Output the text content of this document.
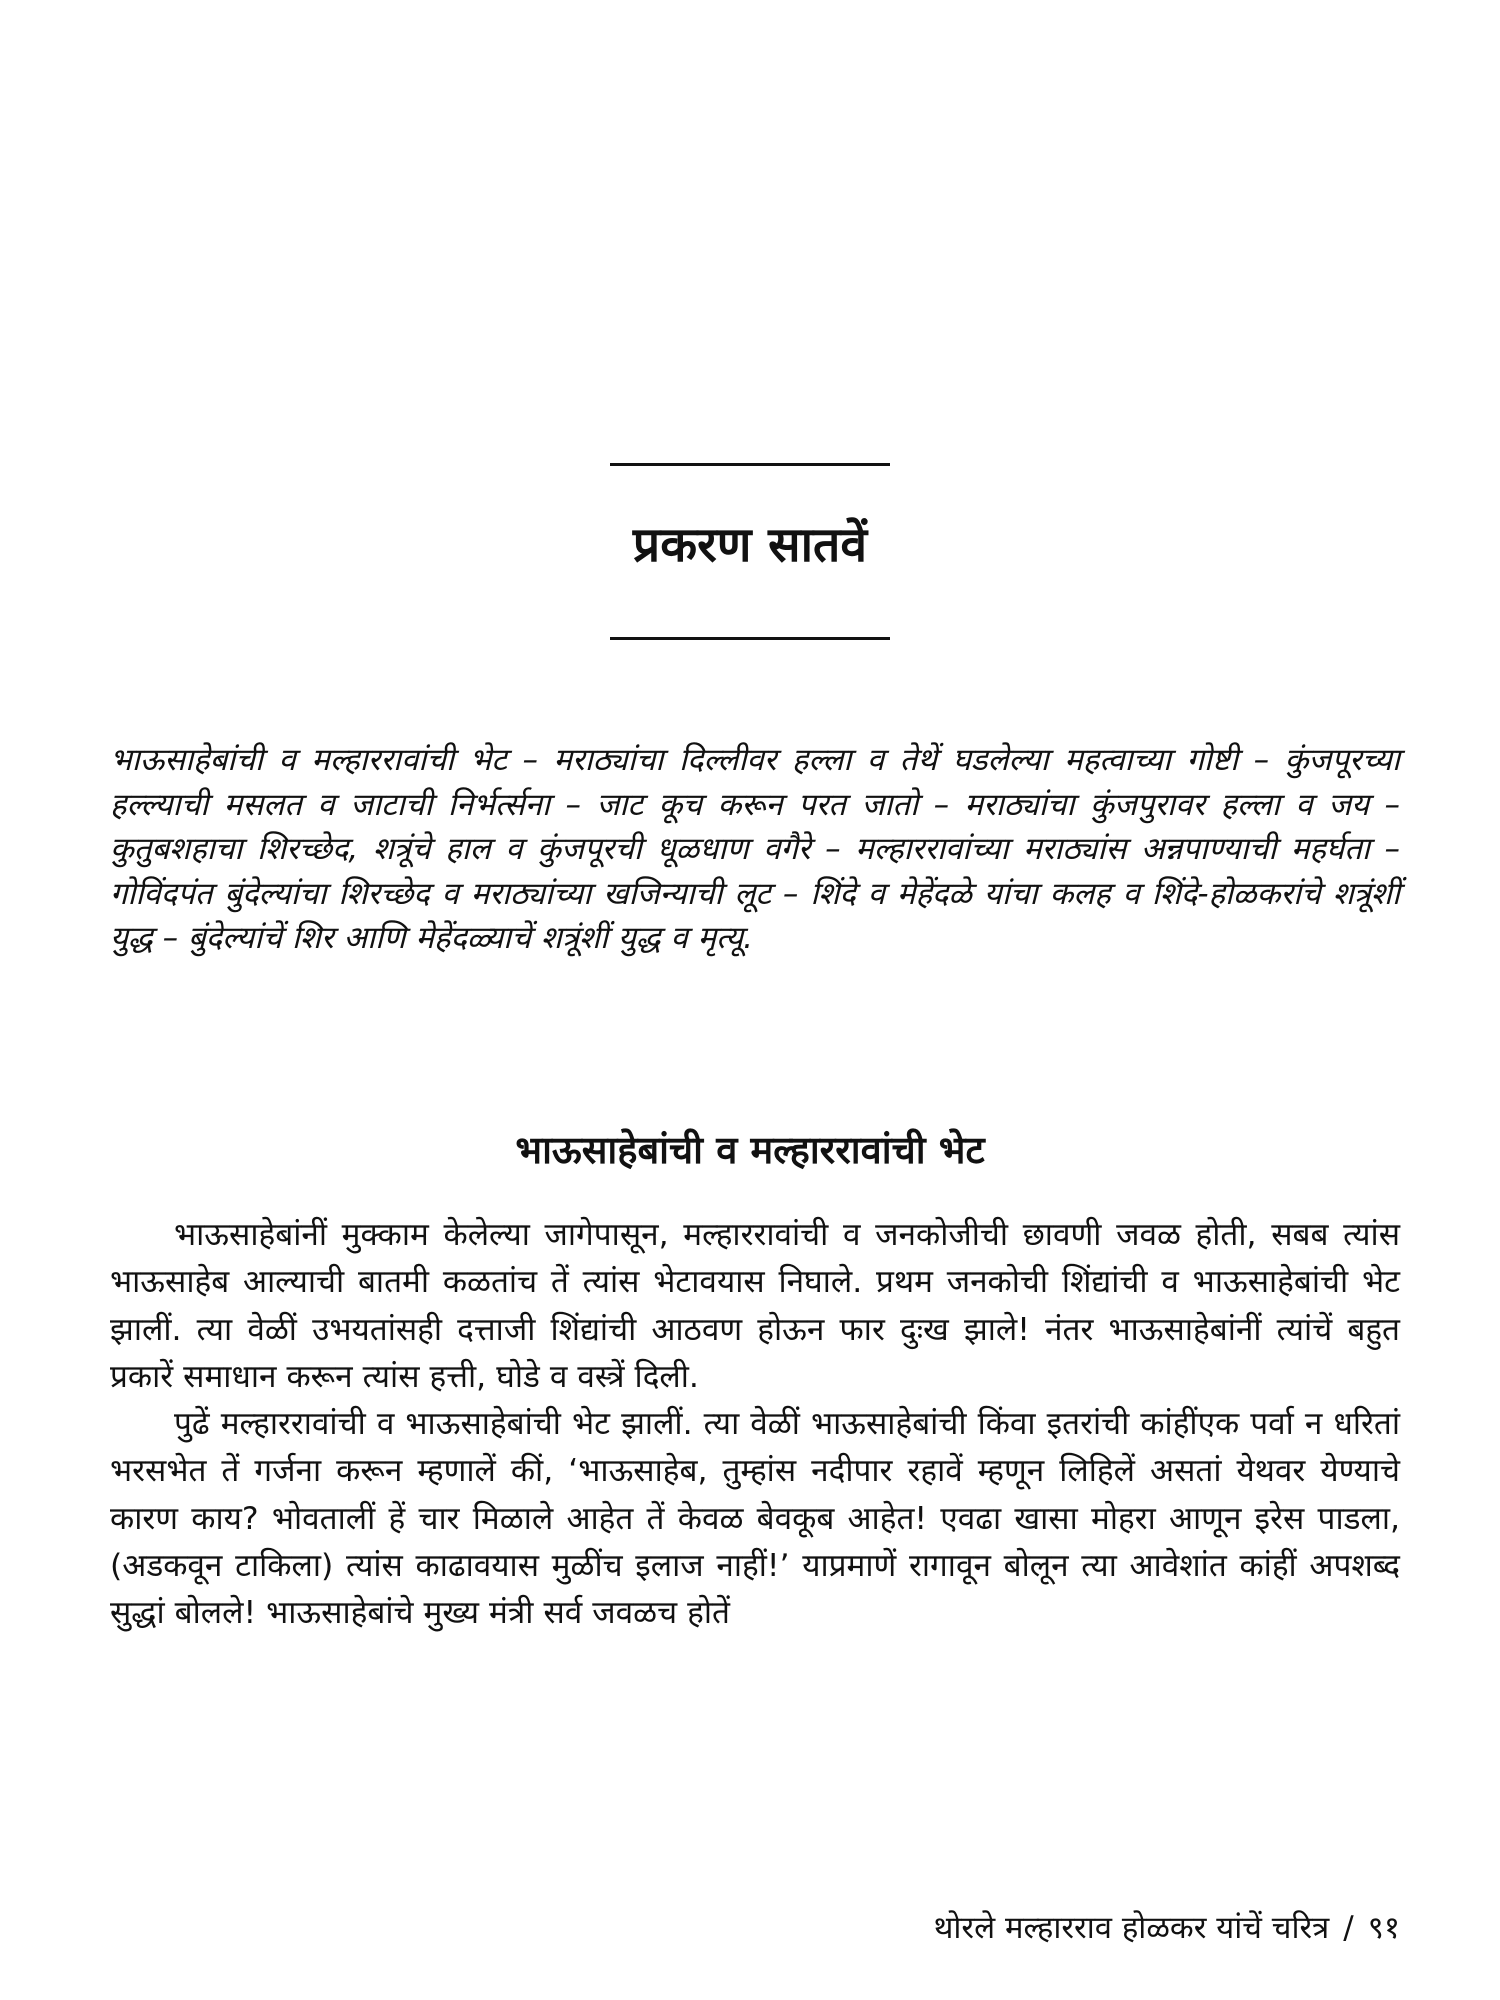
प्रकरण सातवें

भाऊसाहेबांची व मल्हाररावांची भेट – मराठ्यांचा दिल्लीवर हल्ला व तेथें घडलेल्या महत्वाच्या गोष्टी – कुंजपूरच्या हल्ल्याची मसलत व जाटाची निर्भर्त्सना – जाट कूच करून परत जातो – मराठ्यांचा कुंजपुरावर हल्ला व जय – कुतुबशहाचा शिरच्छेद, शत्रूंचे हाल व कुंजपूरची धूळधाण वगैरे – मल्हाररावांच्या मराठ्यांस अन्नपाण्याची महर्घता – गोविंदपंत बुंदेल्यांचा शिरच्छेद व मराठ्यांच्या खजिन्याची लूट – शिंदे व मेहेंदळे यांचा कलह व शिंदे-होळकरांचे शत्रूंशीं युद्ध – बुंदेल्यांचें शिर आणि मेहेंदळ्याचें शत्रूंशीं युद्ध व मृत्यू.

भाऊसाहेबांची व मल्हाररावांची भेट

भाऊसाहेबांनीं मुक्काम केलेल्या जागेपासून, मल्हाररावांची व जनकोजीची छावणी जवळ होती, सबब त्यांस भाऊसाहेब आल्याची बातमी कळतांच तें त्यांस भेटावयास निघाले. प्रथम जनकोची शिंद्यांची व भाऊसाहेबांची भेट झालीं. त्या वेळीं उभयतांसही दत्ताजी शिंद्यांची आठवण होऊन फार दुःख झाले! नंतर भाऊसाहेबांनीं त्यांचें बहुत प्रकारें समाधान करून त्यांस हत्ती, घोडे व वस्त्रें दिली.

पुढें मल्हाररावांची व भाऊसाहेबांची भेट झालीं. त्या वेळीं भाऊसाहेबांची किंवा इतरांची कांहींएक पर्वा न धरितां भरसभेत तें गर्जना करून म्हणालें कीं, ‘भाऊसाहेब, तुम्हांस नदीपार रहावें म्हणून लिहिलें असतां येथवर येण्याचे कारण काय? भोवतालीं हें चार मिळाले आहेत तें केवळ बेवकूब आहेत! एवढा खासा मोहरा आणून इरेस पाडला, (अडकवून टाकिला) त्यांस काढावयास मुळींच इलाज नाहीं!’ याप्रमाणें रागावून बोलून त्या आवेशांत कांहीं अपशब्द सुद्धां बोलले! भाऊसाहेबांचे मुख्य मंत्री सर्व जवळच होतें

थोरले मल्हारराव होळकर यांचें चरित्र / ९१
